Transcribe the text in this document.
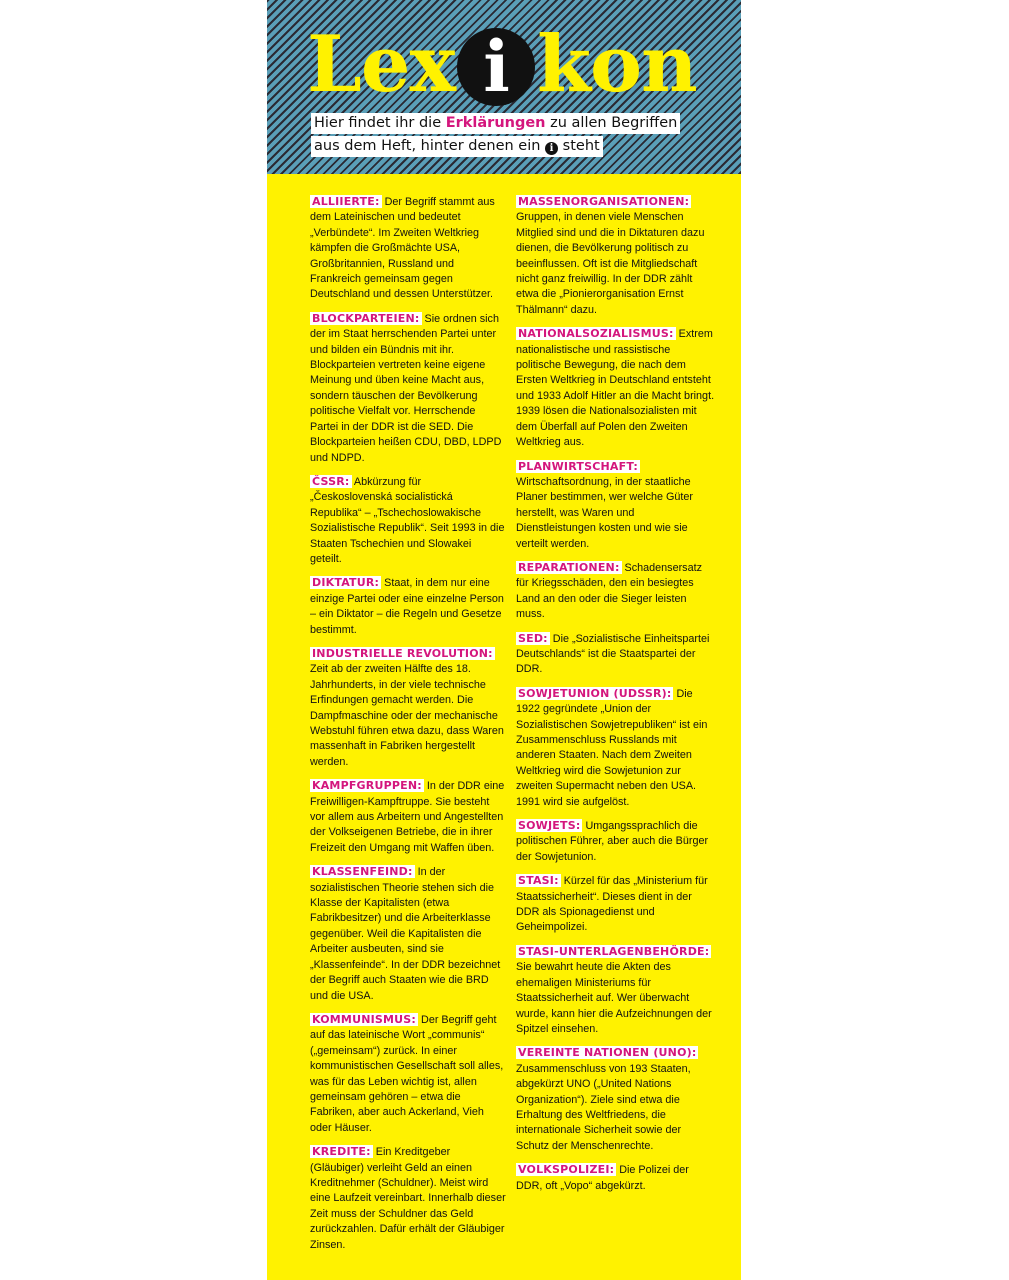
Lex i kon
Hier findet ihr die Erklärungen zu allen Begriffen
aus dem Heft, hinter denen ein i steht

ALLIIERTE: Der Begriff stammt aus dem Lateinischen und bedeutet „Verbündete“. Im Zweiten Weltkrieg kämpfen die Großmächte USA, Großbritannien, Russland und Frankreich gemeinsam gegen Deutschland und dessen Unterstützer.

BLOCKPARTEIEN: Sie ordnen sich der im Staat herrschenden Partei unter und bilden ein Bündnis mit ihr. Blockparteien vertreten keine eigene Meinung und üben keine Macht aus, sondern täuschen der Bevölkerung politische Vielfalt vor. Herrschende Partei in der DDR ist die SED. Die Blockparteien heißen CDU, DBD, LDPD und NDPD.

ČSSR: Abkürzung für „Československá socialistická Republika“ – „Tschechoslowakische Sozialistische Republik“. Seit 1993 in die Staaten Tschechien und Slowakei geteilt.

DIKTATUR: Staat, in dem nur eine einzige Partei oder eine einzelne Person – ein Diktator – die Regeln und Gesetze bestimmt.

INDUSTRIELLE REVOLUTION: Zeit ab der zweiten Hälfte des 18. Jahrhunderts, in der viele technische Erfindungen gemacht werden. Die Dampfmaschine oder der mechanische Webstuhl führen etwa dazu, dass Waren massenhaft in Fabriken hergestellt werden.

KAMPFGRUPPEN: In der DDR eine Freiwilligen-Kampftruppe. Sie besteht vor allem aus Arbeitern und Angestellten der Volkseigenen Betriebe, die in ihrer Freizeit den Umgang mit Waffen üben.

KLASSENFEIND: In der sozialistischen Theorie stehen sich die Klasse der Kapitalisten (etwa Fabrikbesitzer) und die Arbeiterklasse gegenüber. Weil die Kapitalisten die Arbeiter ausbeuten, sind sie „Klassenfeinde“. In der DDR bezeichnet der Begriff auch Staaten wie die BRD und die USA.

KOMMUNISMUS: Der Begriff geht auf das lateinische Wort „communis“ („gemeinsam“) zurück. In einer kommunistischen Gesellschaft soll alles, was für das Leben wichtig ist, allen gemeinsam gehören – etwa die Fabriken, aber auch Ackerland, Vieh oder Häuser.

KREDITE: Ein Kreditgeber (Gläubiger) verleiht Geld an einen Kreditnehmer (Schuldner). Meist wird eine Laufzeit vereinbart. Innerhalb dieser Zeit muss der Schuldner das Geld zurückzahlen. Dafür erhält der Gläubiger Zinsen.

MASSENORGANISATIONEN: Gruppen, in denen viele Menschen Mitglied sind und die in Diktaturen dazu dienen, die Bevölkerung politisch zu beeinflussen. Oft ist die Mitgliedschaft nicht ganz freiwillig. In der DDR zählt etwa die „Pionierorganisation Ernst Thälmann“ dazu.

NATIONALSOZIALISMUS: Extrem nationalistische und rassistische politische Bewegung, die nach dem Ersten Weltkrieg in Deutschland entsteht und 1933 Adolf Hitler an die Macht bringt. 1939 lösen die Nationalsozialisten mit dem Überfall auf Polen den Zweiten Weltkrieg aus.

PLANWIRTSCHAFT: Wirtschaftsordnung, in der staatliche Planer bestimmen, wer welche Güter herstellt, was Waren und Dienstleistungen kosten und wie sie verteilt werden.

REPARATIONEN: Schadensersatz für Kriegsschäden, den ein besiegtes Land an den oder die Sieger leisten muss.

SED: Die „Sozialistische Einheitspartei Deutschlands“ ist die Staatspartei der DDR.

SOWJETUNION (UDSSR): Die 1922 gegründete „Union der Sozialistischen Sowjetrepubliken“ ist ein Zusammenschluss Russlands mit anderen Staaten. Nach dem Zweiten Weltkrieg wird die Sowjetunion zur zweiten Supermacht neben den USA. 1991 wird sie aufgelöst.

SOWJETS: Umgangssprachlich die politischen Führer, aber auch die Bürger der Sowjetunion.

STASI: Kürzel für das „Ministerium für Staatssicherheit“. Dieses dient in der DDR als Spionagedienst und Geheimpolizei.

STASI-UNTERLAGENBEHÖRDE: Sie bewahrt heute die Akten des ehemaligen Ministeriums für Staatssicherheit auf. Wer überwacht wurde, kann hier die Aufzeichnungen der Spitzel einsehen.

VEREINTE NATIONEN (UNO): Zusammenschluss von 193 Staaten, abgekürzt UNO („United Nations Organization“). Ziele sind etwa die Erhaltung des Weltfriedens, die internationale Sicherheit sowie der Schutz der Menschenrechte.

VOLKSPOLIZEI: Die Polizei der DDR, oft „Vopo“ abgekürzt.
